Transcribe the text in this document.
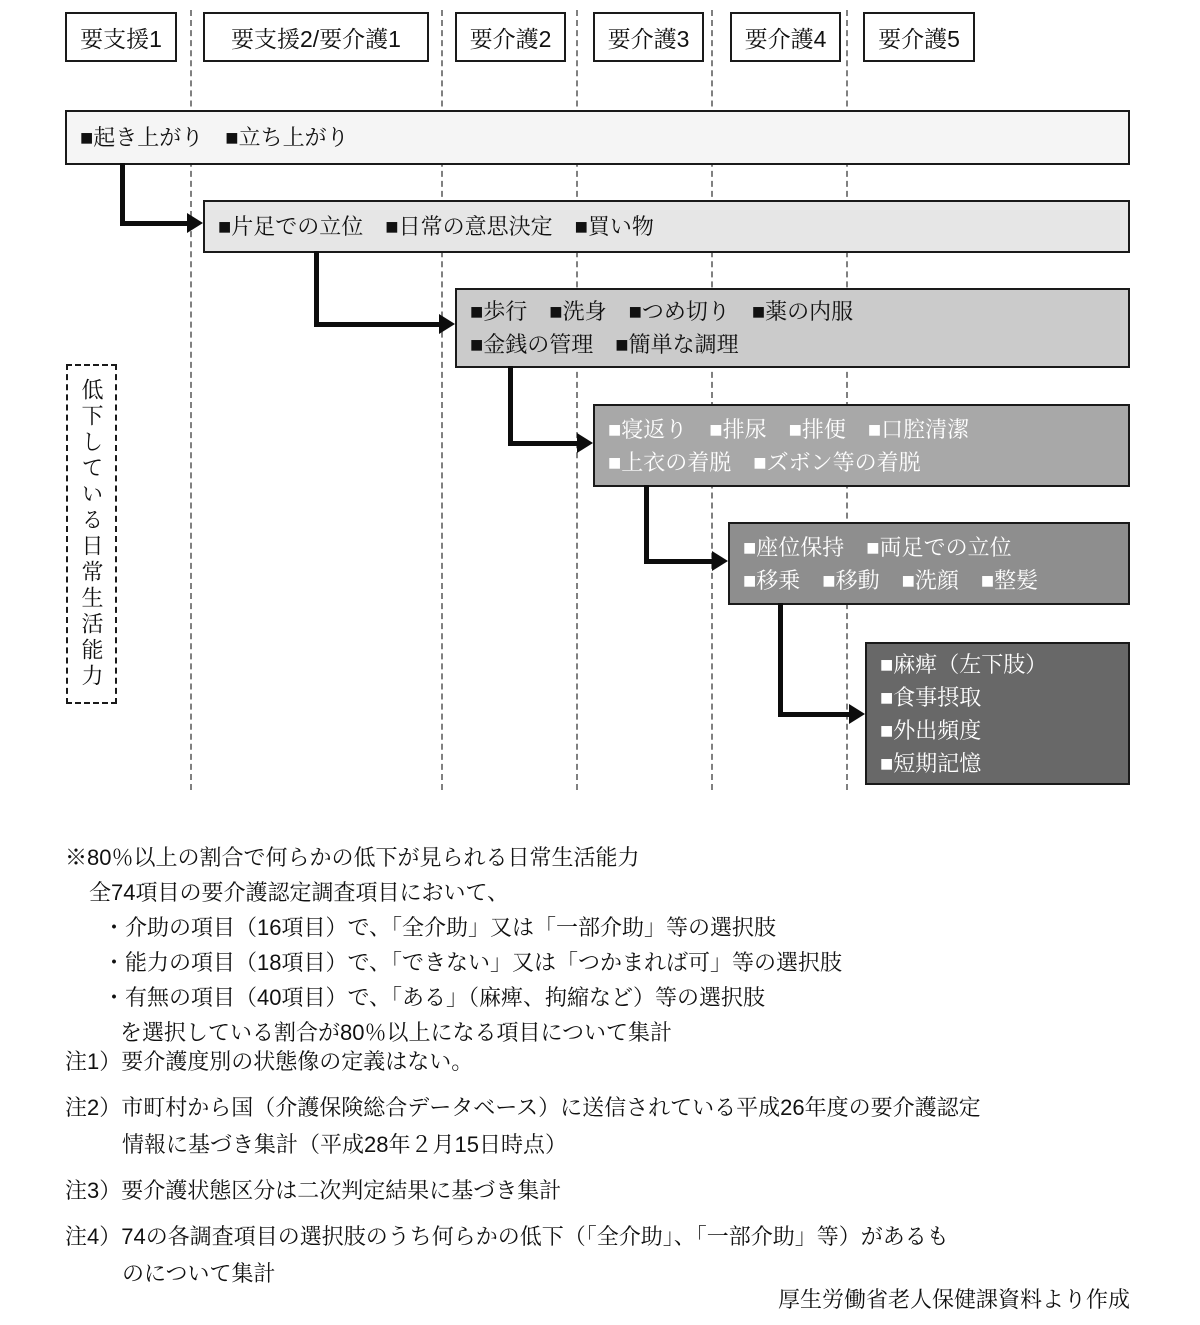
要支援1	要支援2/要介護1	要介護2	要介護3	要介護4	要介護5
■起き上がり　■立ち上がり
■片足での立位　■日常の意思決定　■買い物
■歩行　■洗身　■つめ切り　■薬の内服
■金銭の管理　■簡単な調理
■寝返り　■排尿　■排便　■口腔清潔
■上衣の着脱　■ズボン等の着脱
■座位保持　■両足での立位
■移乗　■移動　■洗顔　■整髪
■麻痺（左下肢）
■食事摂取
■外出頻度
■短期記憶
低下している日常生活能力
※80％以上の割合で何らかの低下が見られる日常生活能力
全74項目の要介護認定調査項目において、
・介助の項目（16項目）で、「全介助」又は「一部介助」等の選択肢
・能力の項目（18項目）で、「できない」又は「つかまれば可」等の選択肢
・有無の項目（40項目）で、「ある」（麻痺、拘縮など）等の選択肢
を選択している割合が80％以上になる項目について集計
注1）要介護度別の状態像の定義はない。
注2）市町村から国（介護保険総合データベース）に送信されている平成26年度の要介護認定
情報に基づき集計（平成28年２月15日時点）
注3）要介護状態区分は二次判定結果に基づき集計
注4）74の各調査項目の選択肢のうち何らかの低下（「全介助」、「一部介助」等）があるも
のについて集計
厚生労働省老人保健課資料より作成
